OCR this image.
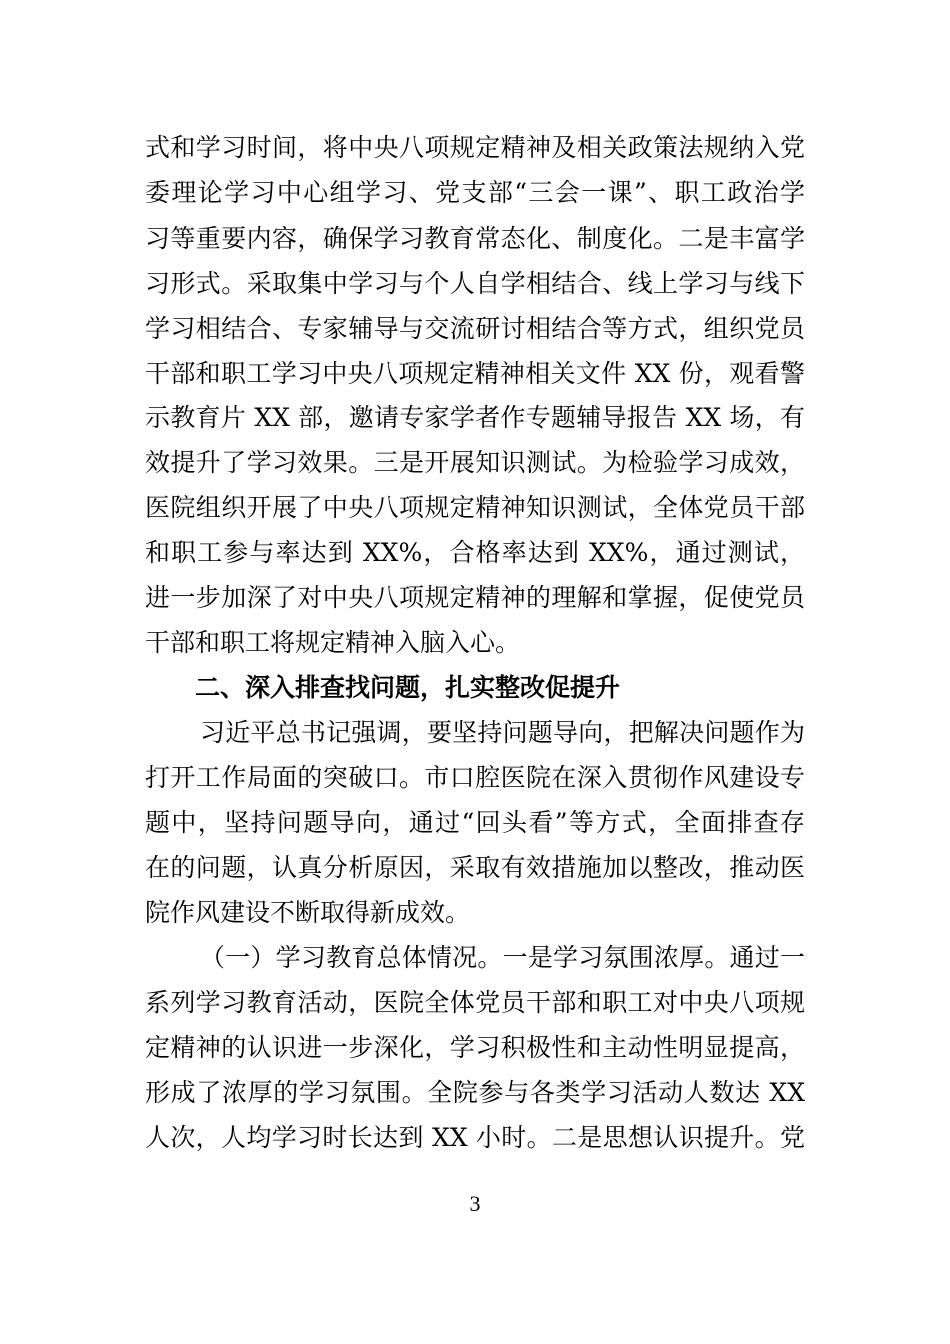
式和学习时间，将中央八项规定精神及相关政策法规纳入党
委理论学习中心组学习、党支部“三会一课”、职工政治学
习等重要内容，确保学习教育常态化、制度化。二是丰富学
习形式。采取集中学习与个人自学相结合、线上学习与线下
学习相结合、专家辅导与交流研讨相结合等方式，组织党员
干部和职工学习中央八项规定精神相关文件 XX 份，观看警
示教育片 XX 部，邀请专家学者作专题辅导报告 XX 场，有
效提升了学习效果。三是开展知识测试。为检验学习成效，
医院组织开展了中央八项规定精神知识测试，全体党员干部
和职工参与率达到 XX%，合格率达到 XX%，通过测试，
进一步加深了对中央八项规定精神的理解和掌握，促使党员
干部和职工将规定精神入脑入心。
二、深入排查找问题，扎实整改促提升
习近平总书记强调，要坚持问题导向，把解决问题作为
打开工作局面的突破口。市口腔医院在深入贯彻作风建设专
题中，坚持问题导向，通过“回头看”等方式，全面排查存
在的问题，认真分析原因，采取有效措施加以整改，推动医
院作风建设不断取得新成效。
（一）学习教育总体情况。一是学习氛围浓厚。通过一
系列学习教育活动，医院全体党员干部和职工对中央八项规
定精神的认识进一步深化，学习积极性和主动性明显提高，
形成了浓厚的学习氛围。全院参与各类学习活动人数达 XX
人次，人均学习时长达到 XX 小时。二是思想认识提升。党
3
